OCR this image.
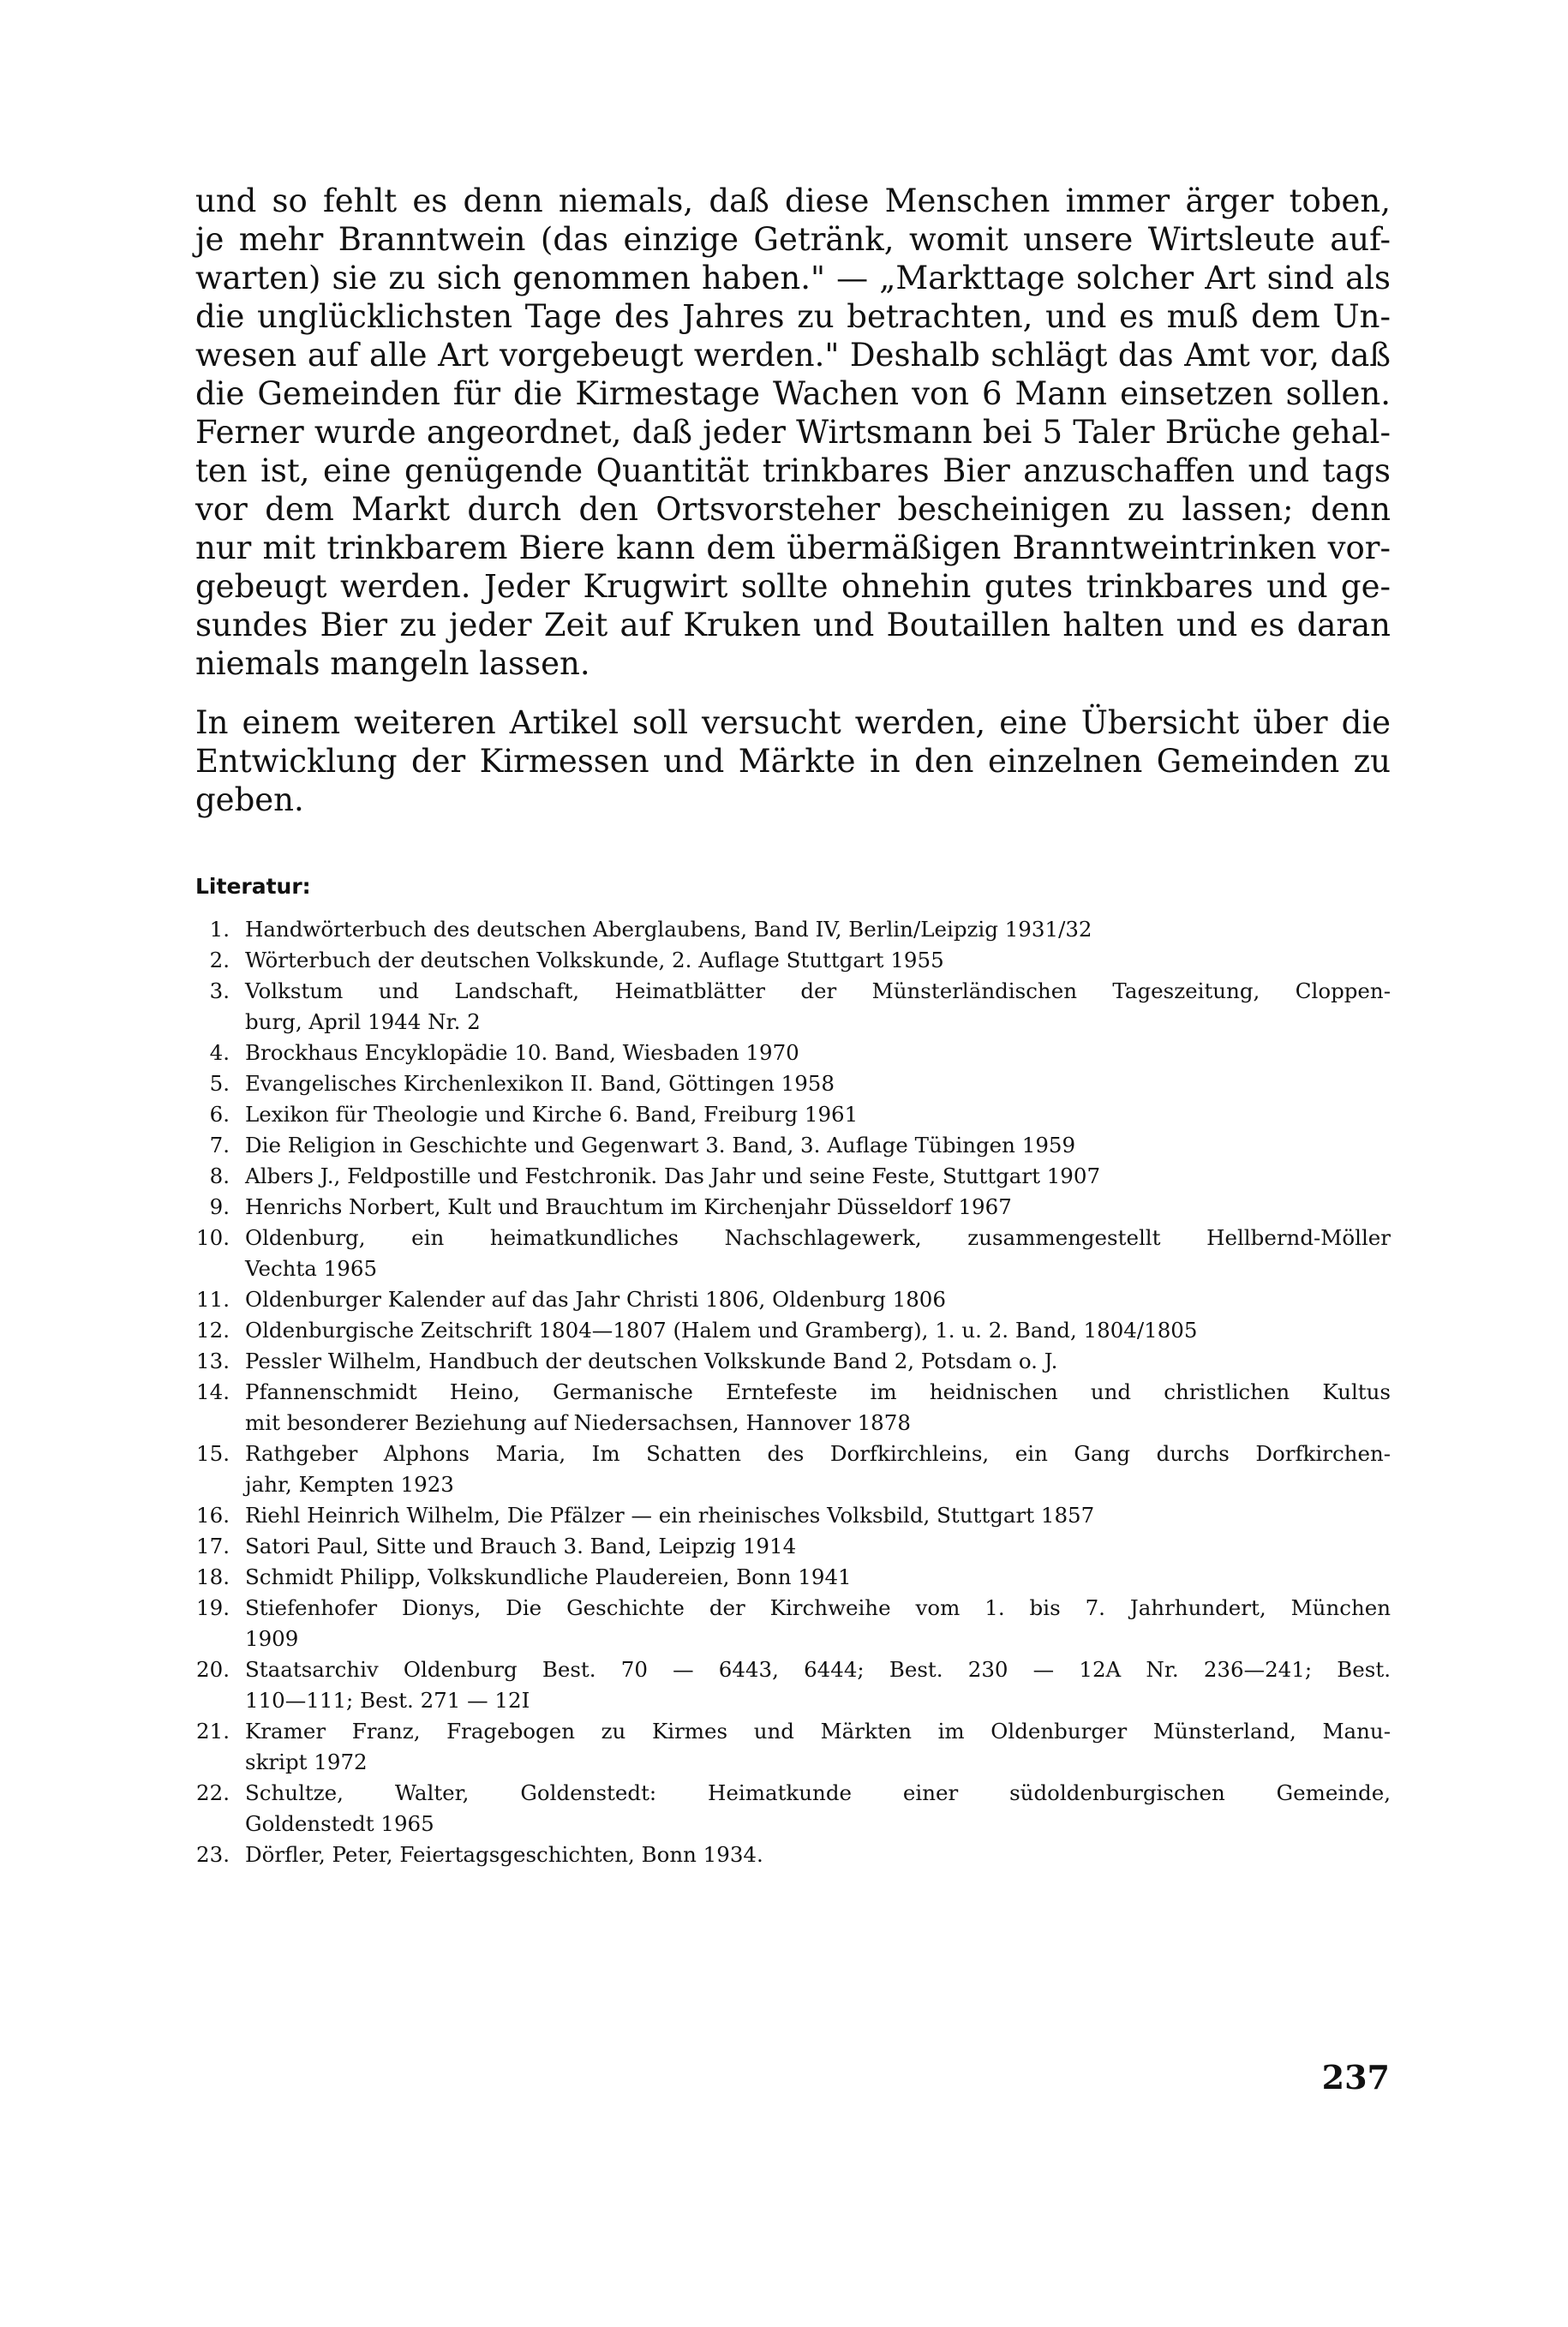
und so fehlt es denn niemals, daß diese Menschen immer ärger toben,
je mehr Branntwein (das einzige Getränk, womit unsere Wirtsleute auf-
warten) sie zu sich genommen haben." — „Markttage solcher Art sind als
die unglücklichsten Tage des Jahres zu betrachten, und es muß dem Un-
wesen auf alle Art vorgebeugt werden." Deshalb schlägt das Amt vor, daß
die Gemeinden für die Kirmestage Wachen von 6 Mann einsetzen sollen.
Ferner wurde angeordnet, daß jeder Wirtsmann bei 5 Taler Brüche gehal-
ten ist, eine genügende Quantität trinkbares Bier anzuschaffen und tags
vor dem Markt durch den Ortsvorsteher bescheinigen zu lassen; denn
nur mit trinkbarem Biere kann dem übermäßigen Branntweintrinken vor-
gebeugt werden. Jeder Krugwirt sollte ohnehin gutes trinkbares und ge-
sundes Bier zu jeder Zeit auf Kruken und Boutaillen halten und es daran
niemals mangeln lassen.

In einem weiteren Artikel soll versucht werden, eine Übersicht über die
Entwicklung der Kirmessen und Märkte in den einzelnen Gemeinden zu
geben.

Literatur:
1. Handwörterbuch des deutschen Aberglaubens, Band IV, Berlin/Leipzig 1931/32
2. Wörterbuch der deutschen Volkskunde, 2. Auflage Stuttgart 1955
3. Volkstum und Landschaft, Heimatblätter der Münsterländischen Tageszeitung, Cloppen-
burg, April 1944 Nr. 2
4. Brockhaus Encyklopädie 10. Band, Wiesbaden 1970
5. Evangelisches Kirchenlexikon II. Band, Göttingen 1958
6. Lexikon für Theologie und Kirche 6. Band, Freiburg 1961
7. Die Religion in Geschichte und Gegenwart 3. Band, 3. Auflage Tübingen 1959
8. Albers J., Feldpostille und Festchronik. Das Jahr und seine Feste, Stuttgart 1907
9. Henrichs Norbert, Kult und Brauchtum im Kirchenjahr Düsseldorf 1967
10. Oldenburg, ein heimatkundliches Nachschlagewerk, zusammengestellt Hellbernd-Möller
Vechta 1965
11. Oldenburger Kalender auf das Jahr Christi 1806, Oldenburg 1806
12. Oldenburgische Zeitschrift 1804—1807 (Halem und Gramberg), 1. u. 2. Band, 1804/1805
13. Pessler Wilhelm, Handbuch der deutschen Volkskunde Band 2, Potsdam o. J.
14. Pfannenschmidt Heino, Germanische Erntefeste im heidnischen und christlichen Kultus
mit besonderer Beziehung auf Niedersachsen, Hannover 1878
15. Rathgeber Alphons Maria, Im Schatten des Dorfkirchleins, ein Gang durchs Dorfkirchen-
jahr, Kempten 1923
16. Riehl Heinrich Wilhelm, Die Pfälzer — ein rheinisches Volksbild, Stuttgart 1857
17. Satori Paul, Sitte und Brauch 3. Band, Leipzig 1914
18. Schmidt Philipp, Volkskundliche Plaudereien, Bonn 1941
19. Stiefenhofer Dionys, Die Geschichte der Kirchweihe vom 1. bis 7. Jahrhundert, München
1909
20. Staatsarchiv Oldenburg Best. 70 — 6443, 6444; Best. 230 — 12A Nr. 236—241; Best.
110—111; Best. 271 — 12I
21. Kramer Franz, Fragebogen zu Kirmes und Märkten im Oldenburger Münsterland, Manu-
skript 1972
22. Schultze, Walter, Goldenstedt: Heimatkunde einer südoldenburgischen Gemeinde,
Goldenstedt 1965
23. Dörfler, Peter, Feiertagsgeschichten, Bonn 1934.
237
